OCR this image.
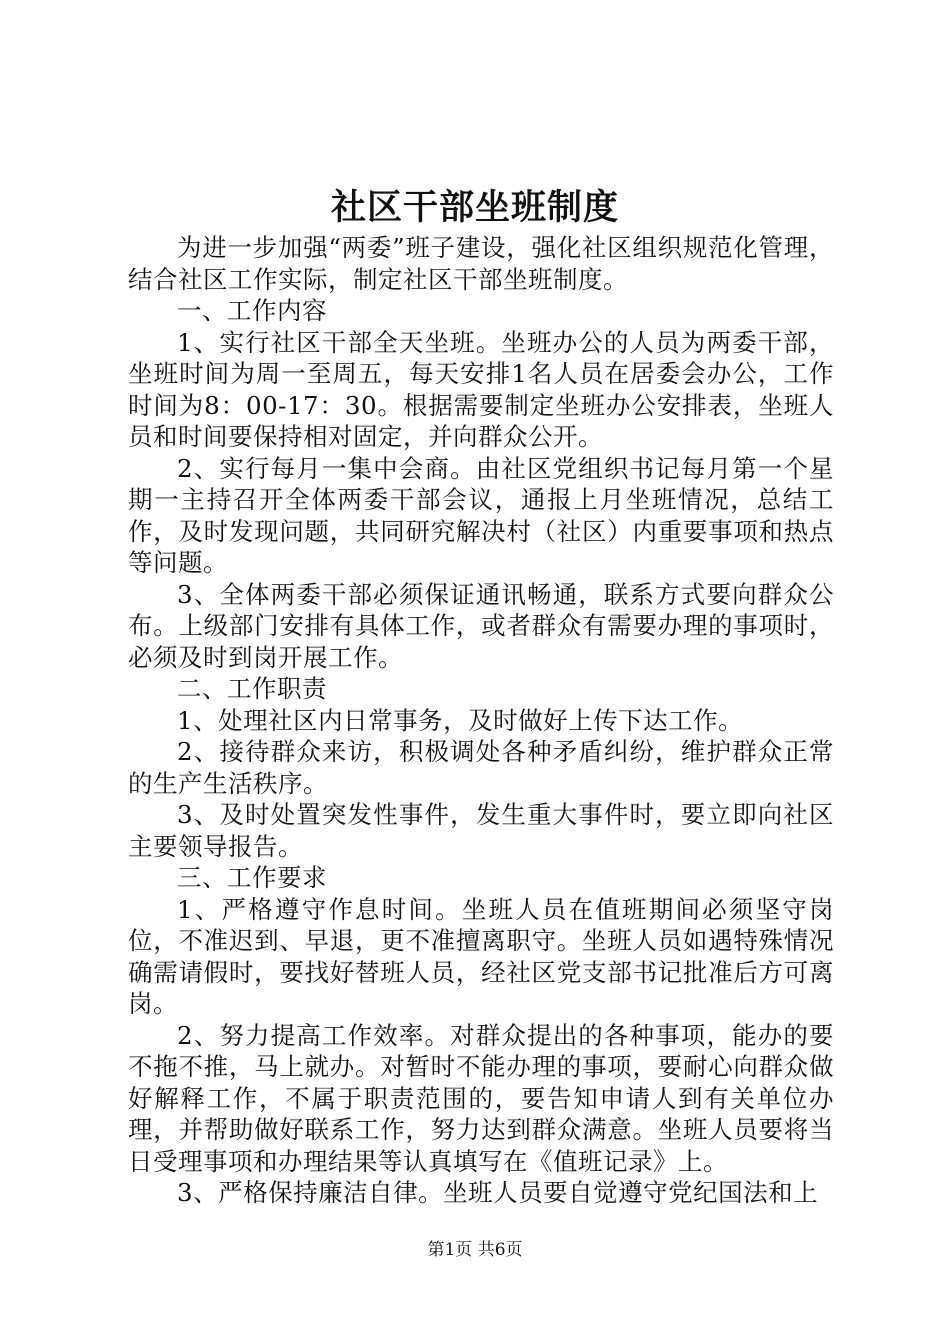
社区干部坐班制度

为进一步加强“两委”班子建设，强化社区组织规范化管理，结合社区工作实际，制定社区干部坐班制度。

一、工作内容

1、实行社区干部全天坐班。坐班办公的人员为两委干部，坐班时间为周一至周五，每天安排1名人员在居委会办公，工作时间为8：00-17：30。根据需要制定坐班办公安排表，坐班人员和时间要保持相对固定，并向群众公开。

2、实行每月一集中会商。由社区党组织书记每月第一个星期一主持召开全体两委干部会议，通报上月坐班情况，总结工作，及时发现问题，共同研究解决村（社区）内重要事项和热点等问题。

3、全体两委干部必须保证通讯畅通，联系方式要向群众公布。上级部门安排有具体工作，或者群众有需要办理的事项时，必须及时到岗开展工作。

二、工作职责

1、处理社区内日常事务，及时做好上传下达工作。

2、接待群众来访，积极调处各种矛盾纠纷，维护群众正常的生产生活秩序。

3、及时处置突发性事件，发生重大事件时，要立即向社区主要领导报告。

三、工作要求

1、严格遵守作息时间。坐班人员在值班期间必须坚守岗位，不准迟到、早退，更不准擅离职守。坐班人员如遇特殊情况确需请假时，要找好替班人员，经社区党支部书记批准后方可离岗。

2、努力提高工作效率。对群众提出的各种事项，能办的要不拖不推，马上就办。对暂时不能办理的事项，要耐心向群众做好解释工作，不属于职责范围的，要告知申请人到有关单位办理，并帮助做好联系工作，努力达到群众满意。坐班人员要将当日受理事项和办理结果等认真填写在《值班记录》上。

3、严格保持廉洁自律。坐班人员要自觉遵守党纪国法和上

第1页 共6页
